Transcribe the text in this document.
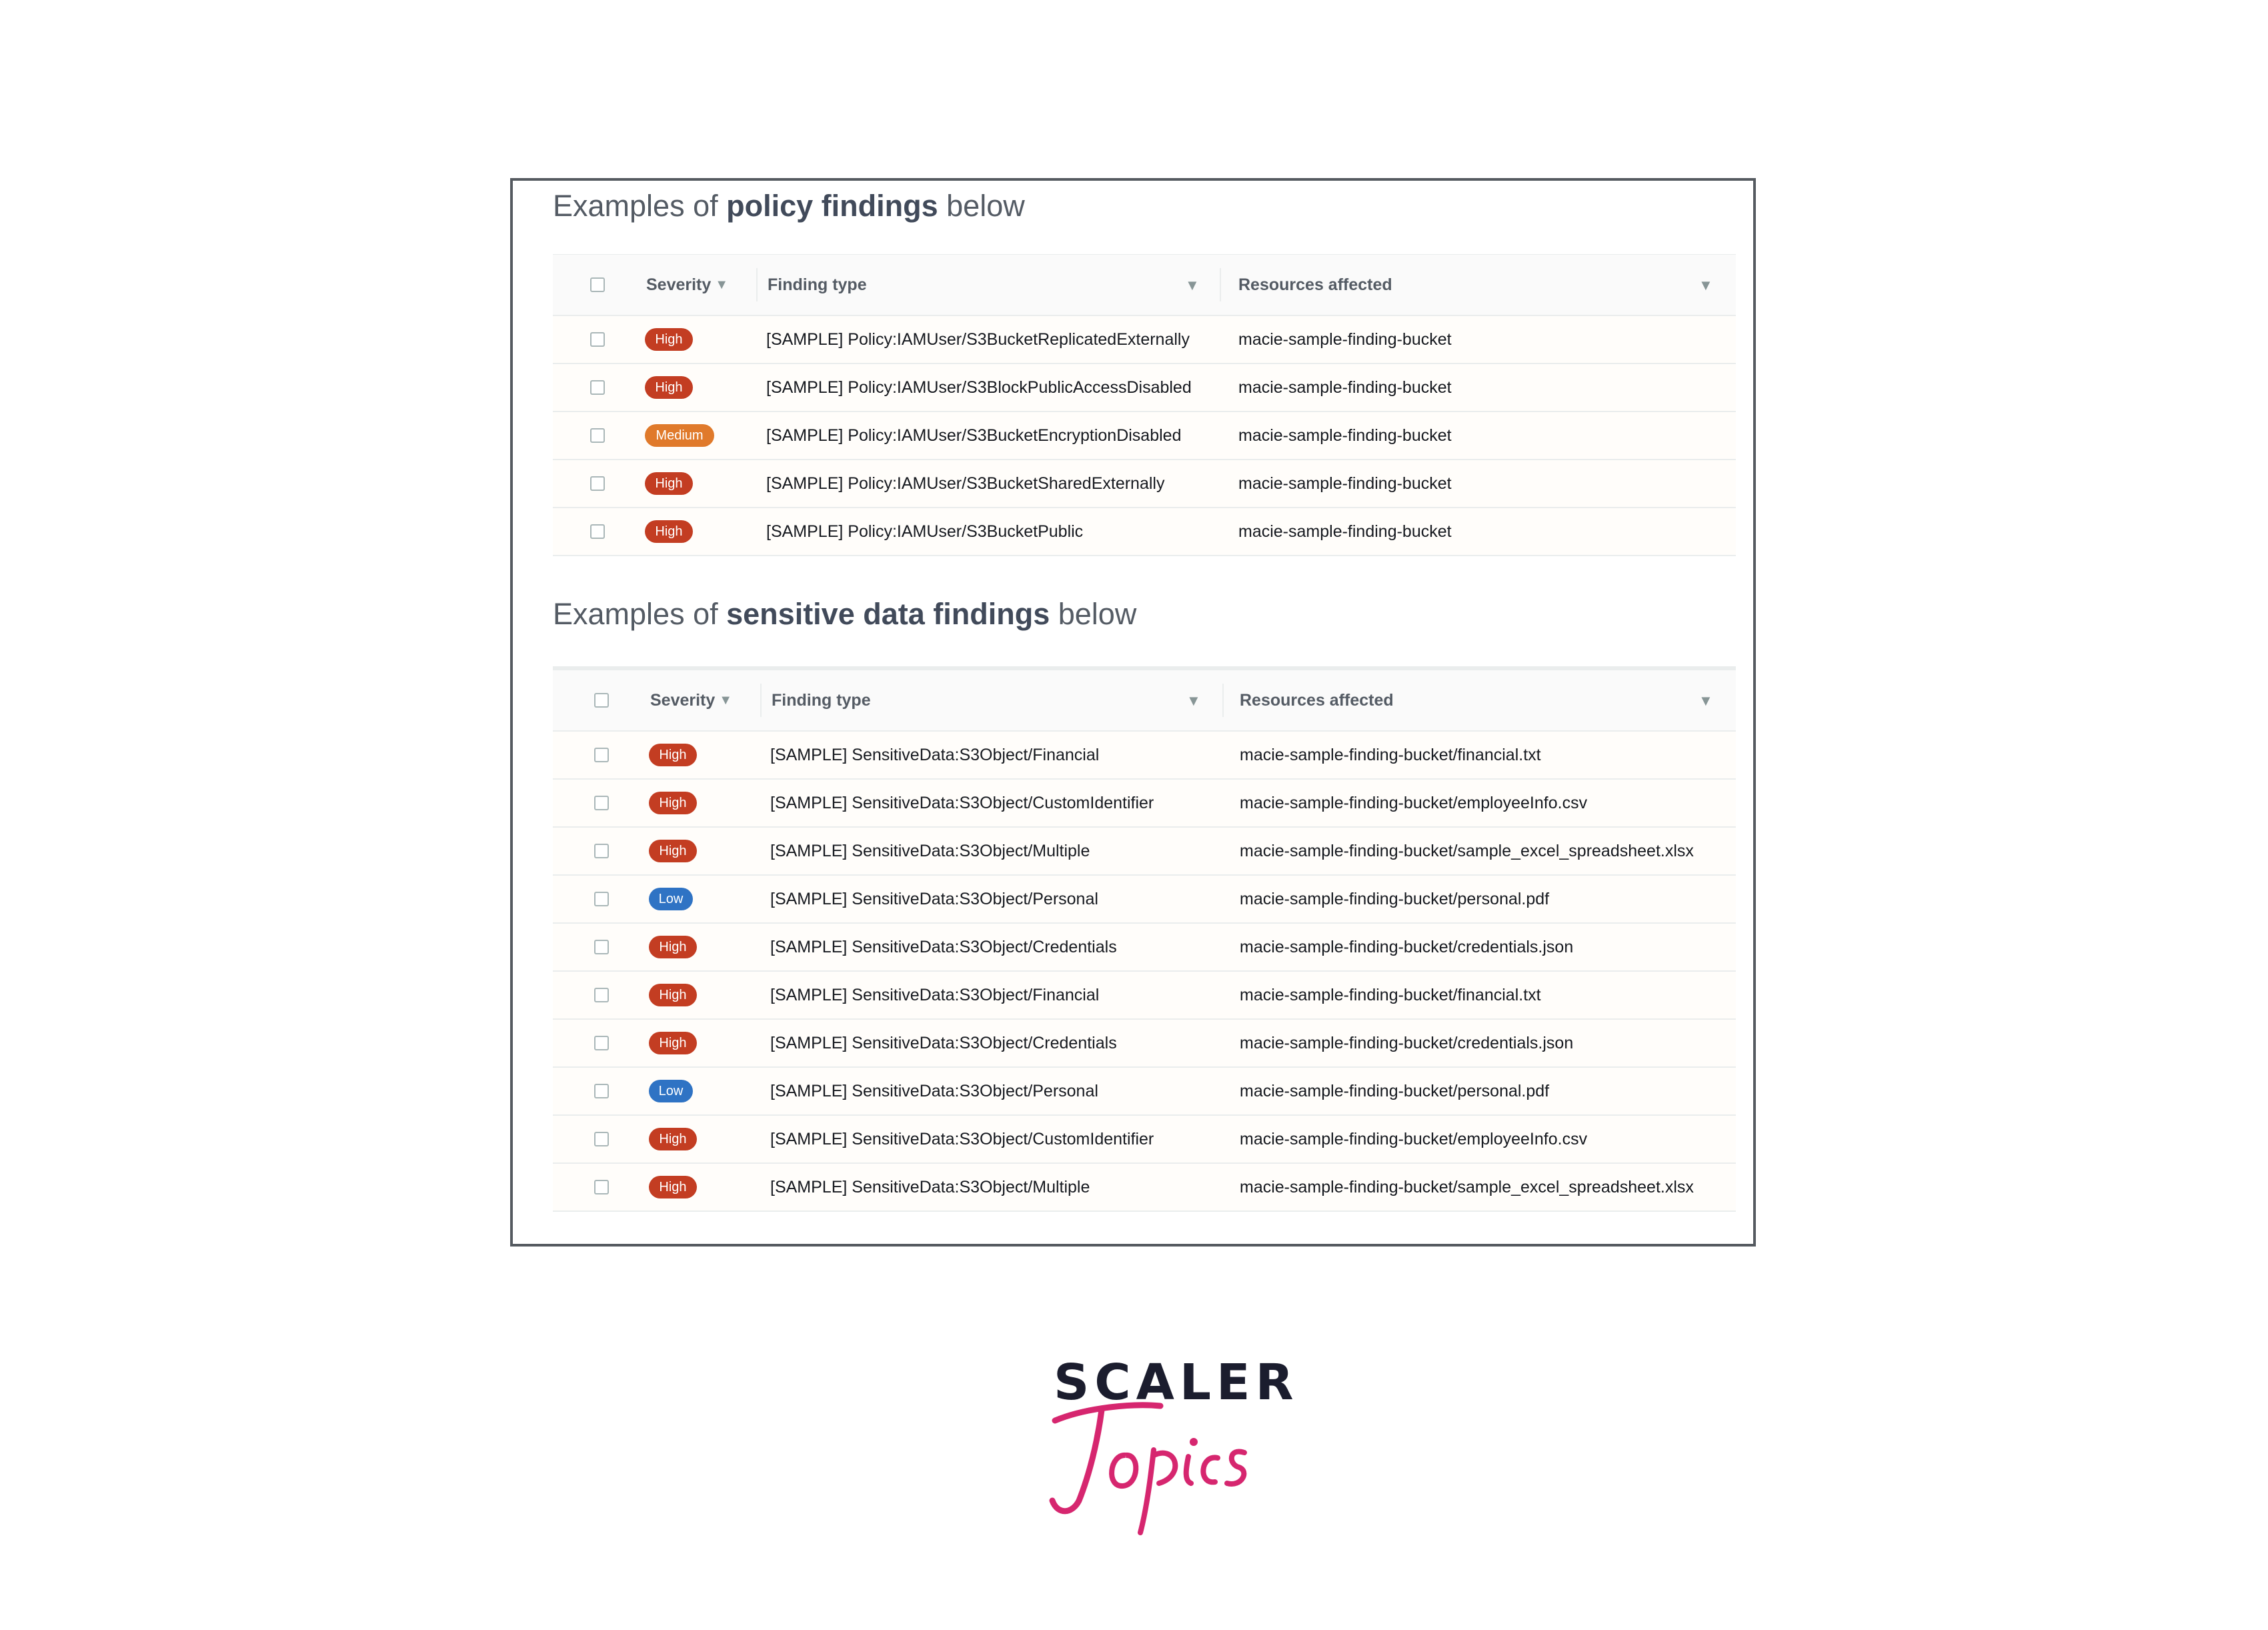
Examples of policy findings below
Severity ▼ Finding type	▼ Resources affected	▼
High	[SAMPLE] Policy:IAMUser/S3BucketReplicatedExternally	macie-sample-finding-bucket
High	[SAMPLE] Policy:IAMUser/S3BlockPublicAccessDisabled	macie-sample-finding-bucket
Medium	[SAMPLE] Policy:IAMUser/S3BucketEncryptionDisabled	macie-sample-finding-bucket
High	[SAMPLE] Policy:IAMUser/S3BucketSharedExternally	macie-sample-finding-bucket
High	[SAMPLE] Policy:IAMUser/S3BucketPublic	macie-sample-finding-bucket
Examples of sensitive data findings below
Severity ▼ Finding type	▼ Resources affected	▼
High	[SAMPLE] SensitiveData:S3Object/Financial	macie-sample-finding-bucket/financial.txt
High	[SAMPLE] SensitiveData:S3Object/CustomIdentifier	macie-sample-finding-bucket/employeeInfo.csv
High	[SAMPLE] SensitiveData:S3Object/Multiple	macie-sample-finding-bucket/sample_excel_spreadsheet.xlsx
Low	[SAMPLE] SensitiveData:S3Object/Personal	macie-sample-finding-bucket/personal.pdf
High	[SAMPLE] SensitiveData:S3Object/Credentials	macie-sample-finding-bucket/credentials.json
High	[SAMPLE] SensitiveData:S3Object/Financial	macie-sample-finding-bucket/financial.txt
High	[SAMPLE] SensitiveData:S3Object/Credentials	macie-sample-finding-bucket/credentials.json
Low	[SAMPLE] SensitiveData:S3Object/Personal	macie-sample-finding-bucket/personal.pdf
High	[SAMPLE] SensitiveData:S3Object/CustomIdentifier	macie-sample-finding-bucket/employeeInfo.csv
High	[SAMPLE] SensitiveData:S3Object/Multiple	macie-sample-finding-bucket/sample_excel_spreadsheet.xlsx
SCALER
